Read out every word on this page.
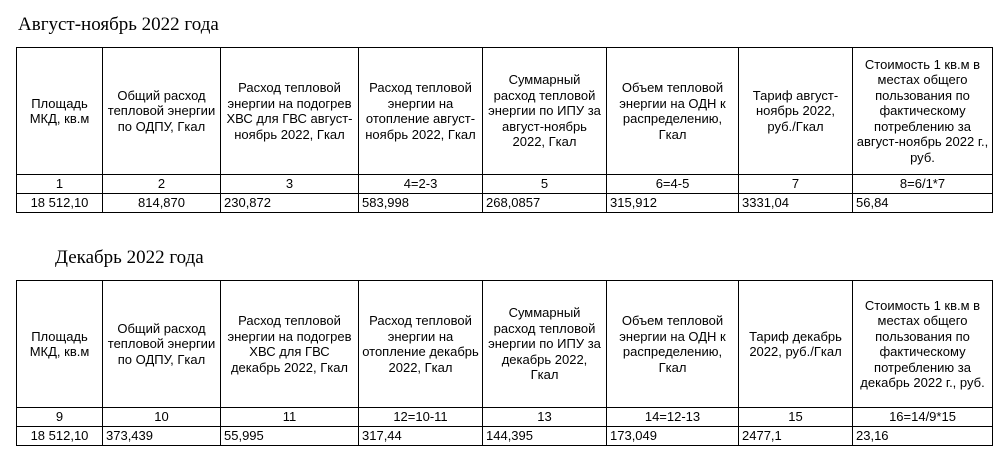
Август-ноябрь 2022 года
Площадь МКД, кв.м	Общий расход тепловой энергии по ОДПУ, Гкал	Расход тепловой энергии на подогрев ХВС для ГВС август-ноябрь 2022, Гкал	Расход тепловой энергии на отопление август-ноябрь 2022, Гкал	Суммарный расход тепловой энергии по ИПУ за август-ноябрь 2022, Гкал	Объем тепловой энергии на ОДН к распределению, Гкал	Тариф август-ноябрь 2022, руб./Гкал	Стоимость 1 кв.м в местах общего пользования по фактическому потреблению за август-ноябрь 2022 г., руб.
1	2	3	4=2-3	5	6=4-5	7	8=6/1*7
18 512,10	814,870	230,872	583,998	268,0857	315,912	3331,04	56,84
Декабрь 2022 года
Площадь МКД, кв.м	Общий расход тепловой энергии по ОДПУ, Гкал	Расход тепловой энергии на подогрев ХВС для ГВС декабрь 2022, Гкал	Расход тепловой энергии на отопление декабрь 2022, Гкал	Суммарный расход тепловой энергии по ИПУ за декабрь 2022, Гкал	Объем тепловой энергии на ОДН к распределению, Гкал	Тариф декабрь 2022, руб./Гкал	Стоимость 1 кв.м в местах общего пользования по фактическому потреблению за декабрь 2022 г., руб.
9	10	11	12=10-11	13	14=12-13	15	16=14/9*15
18 512,10	373,439	55,995	317,44	144,395	173,049	2477,1	23,16
